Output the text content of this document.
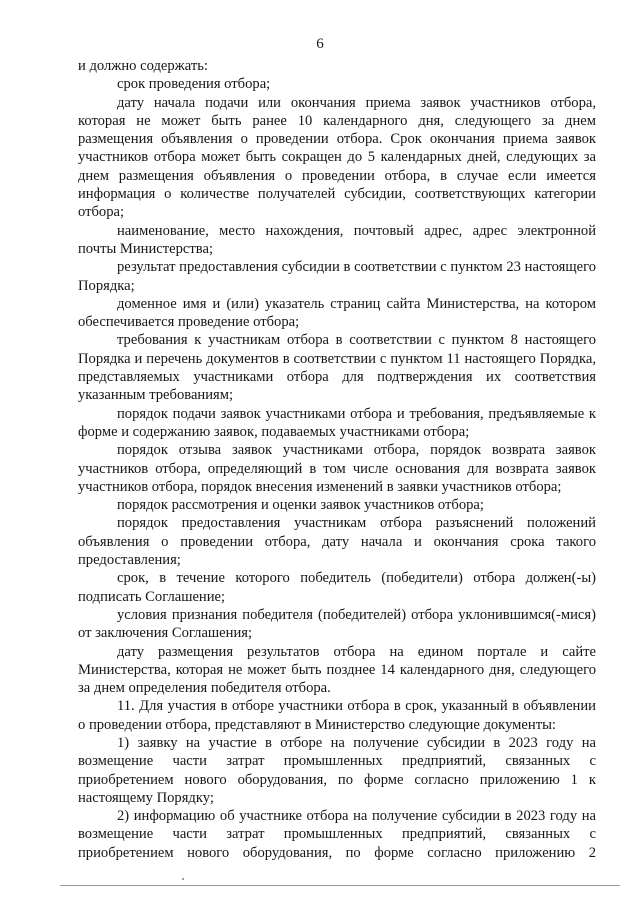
6

и должно содержать:

срок проведения отбора;

дату начала подачи или окончания приема заявок участников отбора, которая не может быть ранее 10 календарного дня, следующего за днем размещения объявления о проведении отбора. Срок окончания приема заявок участников отбора может быть сокращен до 5 календарных дней, следующих за днем размещения объявления о проведении отбора, в случае если имеется информация о количестве получателей субсидии, соответствующих категории отбора;

наименование, место нахождения, почтовый адрес, адрес электронной почты Министерства;

результат предоставления субсидии в соответствии с пунктом 23 настоящего Порядка;

доменное имя и (или) указатель страниц сайта Министерства, на котором обеспечивается проведение отбора;

требования к участникам отбора в соответствии с пунктом 8 настоящего Порядка и перечень документов в соответствии с пунктом 11 настоящего Порядка, представляемых участниками отбора для подтверждения их соответствия указанным требованиям;

порядок подачи заявок участниками отбора и требования, предъявляемые к форме и содержанию заявок, подаваемых участниками отбора;

порядок отзыва заявок участниками отбора, порядок возврата заявок участников отбора, определяющий в том числе основания для возврата заявок участников отбора, порядок внесения изменений в заявки участников отбора;

порядок рассмотрения и оценки заявок участников отбора;

порядок предоставления участникам отбора разъяснений положений объявления о проведении отбора, дату начала и окончания срока такого предоставления;

срок, в течение которого победитель (победители) отбора должен(-ы) подписать Соглашение;

условия признания победителя (победителей) отбора уклонившимся(-мися) от заключения Соглашения;

дату размещения результатов отбора на едином портале и сайте Министерства, которая не может быть позднее 14 календарного дня, следующего за днем определения победителя отбора.

11. Для участия в отборе участники отбора в срок, указанный в объявлении о проведении отбора, представляют в Министерство следующие документы:

1) заявку на участие в отборе на получение субсидии в 2023 году на возмещение части затрат промышленных предприятий, связанных с приобретением нового оборудования, по форме согласно приложению 1 к настоящему Порядку;

2) информацию об участнике отбора на получение субсидии в 2023 году на возмещение части затрат промышленных предприятий, связанных с приобретением нового оборудования, по форме согласно приложению 2
